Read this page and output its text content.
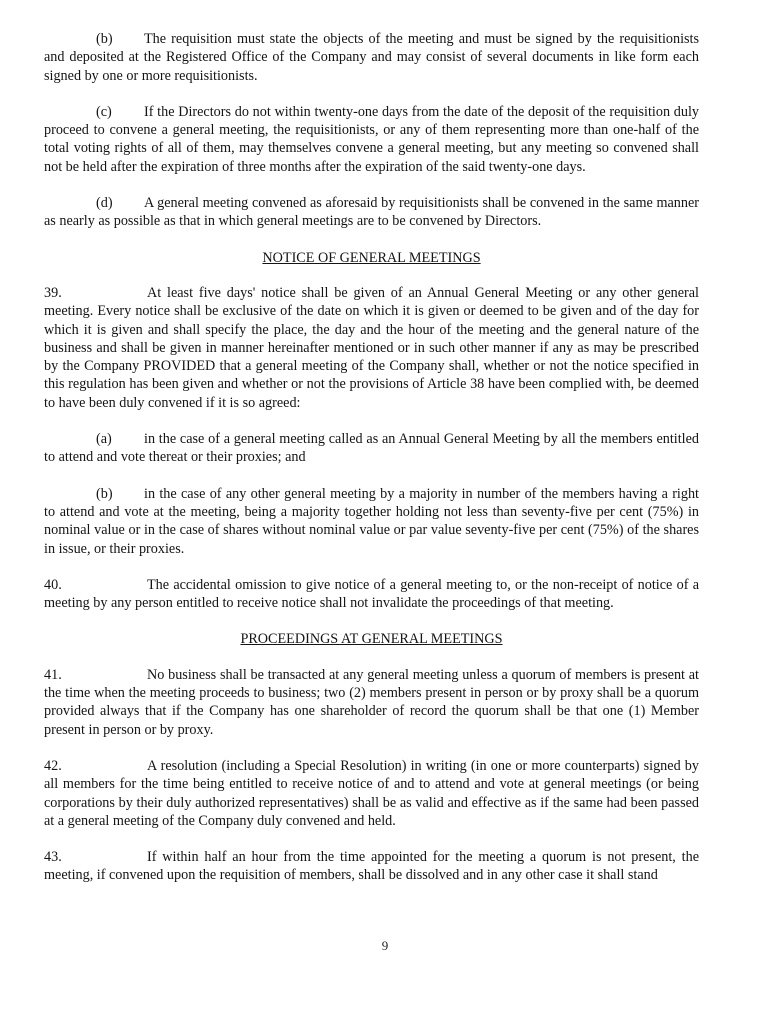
(b) The requisition must state the objects of the meeting and must be signed by the requisitionists and deposited at the Registered Office of the Company and may consist of several documents in like form each signed by one or more requisitionists.

(c) If the Directors do not within twenty-one days from the date of the deposit of the requisition duly proceed to convene a general meeting, the requisitionists, or any of them representing more than one-half of the total voting rights of all of them, may themselves convene a general meeting, but any meeting so convened shall not be held after the expiration of three months after the expiration of the said twenty-one days.

(d) A general meeting convened as aforesaid by requisitionists shall be convened in the same manner as nearly as possible as that in which general meetings are to be convened by Directors.

NOTICE OF GENERAL MEETINGS

39.	At least five days' notice shall be given of an Annual General Meeting or any other general meeting. Every notice shall be exclusive of the date on which it is given or deemed to be given and of the day for which it is given and shall specify the place, the day and the hour of the meeting and the general nature of the business and shall be given in manner hereinafter mentioned or in such other manner if any as may be prescribed by the Company PROVIDED that a general meeting of the Company shall, whether or not the notice specified in this regulation has been given and whether or not the provisions of Article 38 have been complied with, be deemed to have been duly convened if it is so agreed:

(a) in the case of a general meeting called as an Annual General Meeting by all the members entitled to attend and vote thereat or their proxies; and

(b) in the case of any other general meeting by a majority in number of the members having a right to attend and vote at the meeting, being a majority together holding not less than seventy-five per cent (75%) in nominal value or in the case of shares without nominal value or par value seventy-five per cent (75%) of the shares in issue, or their proxies.

40.	The accidental omission to give notice of a general meeting to, or the non-receipt of notice of a meeting by any person entitled to receive notice shall not invalidate the proceedings of that meeting.

PROCEEDINGS AT GENERAL MEETINGS

41.	No business shall be transacted at any general meeting unless a quorum of members is present at the time when the meeting proceeds to business; two (2) members present in person or by proxy shall be a quorum provided always that if the Company has one shareholder of record the quorum shall be that one (1) Member present in person or by proxy.

42.	A resolution (including a Special Resolution) in writing (in one or more counterparts) signed by all members for the time being entitled to receive notice of and to attend and vote at general meetings (or being corporations by their duly authorized representatives) shall be as valid and effective as if the same had been passed at a general meeting of the Company duly convened and held.

43.	If within half an hour from the time appointed for the meeting a quorum is not present, the meeting, if convened upon the requisition of members, shall be dissolved and in any other case it shall stand

9
